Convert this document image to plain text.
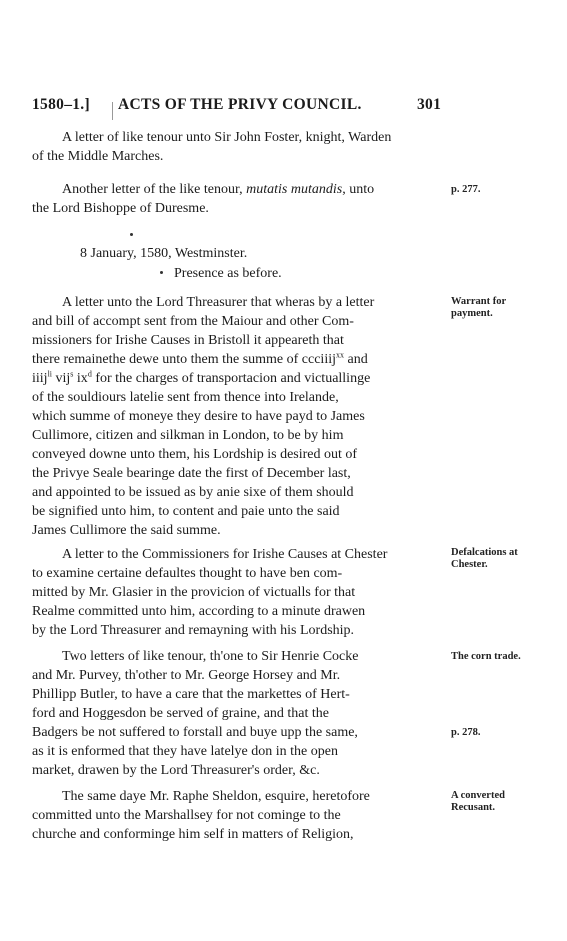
1580–1.] ACTS OF THE PRIVY COUNCIL.	301
A letter of like tenour unto Sir John Foster, knight, Warden
of the Middle Marches.
Another letter of the like tenour, mutatis mutandis, unto
the Lord Bishoppe of Duresme.
p. 277.
8 January, 1580, Westminster.
Presence as before.
A letter unto the Lord Threasurer that wheras by a letter
and bill of accompt sent from the Maiour and other Com-
missioners for Irishe Causes in Bristoll it appeareth that
there remainethe dewe unto them the summe of ccciiij$^{xx}$ and
iiij$^{li}$ vij$^s$ $ix^d$ for the charges of transportacion and victuallinge
of the souldiours latelie sent from thence into Irelande,
which summe of moneye they desire to have payd to James
Cullimore, citizen and silkman in London, to be by him
conveyed downe unto them, his Lordship is desired out of
the Privye Seale bearinge date the first of December last,
and appointed to be issued as by anie sixe of them should
be signified unto him, to content and paie unto the said
James Cullimore the said summe.
Warrant for
payment.
A letter to the Commissioners for Irishe Causes at Chester
to examine certaine defaultes thought to have ben com-
mitted by Mr. Glasier in the provicion of victualls for that
Realme committed unto him, according to a minute drawen
by the Lord Threasurer and remayning with his Lordship.
Defalcations at
Chester.
Two letters of like tenour, th'one to Sir Henrie Cocke
and Mr. Purvey, th'other to Mr. George Horsey and Mr.
Phillipp Butler, to have a care that the markettes of Hert-
ford and Hoggesdon be served of graine, and that the
Badgers be not suffered to forstall and buye upp the same,
as it is enformed that they have latelye don in the open
market, drawen by the Lord Threasurer's order, &c.
The corn trade.
p. 278.
The same daye Mr. Raphe Sheldon, esquire, heretofore
committed unto the Marshallsey for not cominge to the
churche and conforminge him self in matters of Religion,
A converted
Recusant.
